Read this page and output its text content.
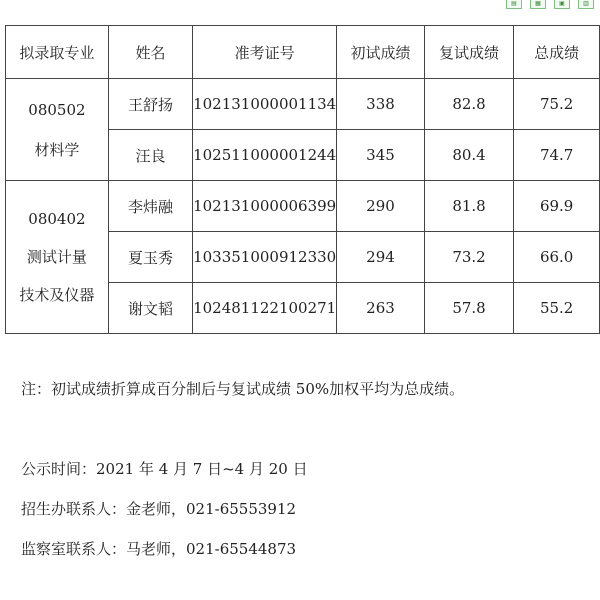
▤	▦	▣	▥
拟录取专业	姓名	准考证号	初试成绩	复试成绩	总成绩

080502
材料学	王舒扬	102131000001134	338	82.8	75.2
	汪良	102511000001244	345	80.4	74.7

080402
测试计量
技术及仪器	李炜融	102131000006399	290	81.8	69.9
	夏玉秀	103351000912330	294	73.2	66.0
	谢文韬	102481122100271	263	57.8	55.2
注：初试成绩折算成百分制后与复试成绩 50%加权平均为总成绩。
公示时间：2021 年 4 月 7 日~4 月 20 日
招生办联系人：金老师，021-65553912
监察室联系人：马老师，021-65544873
